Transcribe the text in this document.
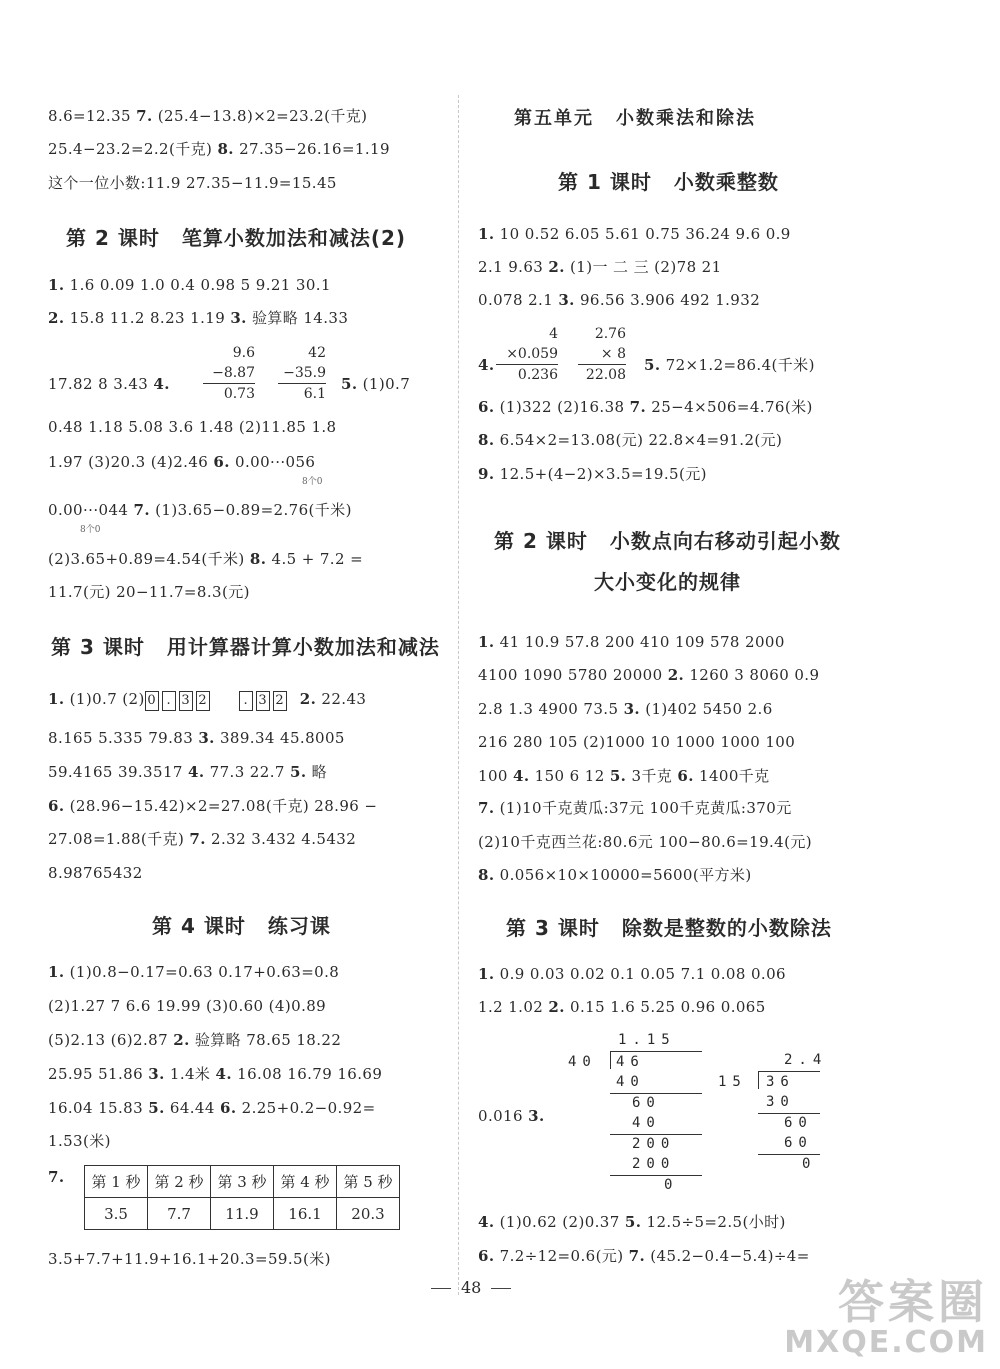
8.6=12.35 7. (25.4−13.8)×2=23.2(千克)
25.4−23.2=2.2(千克) 8. 27.35−26.16=1.19
这个一位小数:11.9 27.35−11.9=15.45
第 2 课时 笔算小数加法和减法(2)
1. 1.6 0.09 1.0 0.4 0.98 5 9.21 30.1
2. 15.8 11.2 8.23 1.19 3. 验算略 14.33
17.82 8 3.43 4.
9.6
−8.87
0.73
42
−35.9
6.1
5. (1)0.7
0.48 1.18 5.08 3.6 1.48 (2)11.85 1.8
1.97 (3)20.3 (4)2.46 6. 0.00···056
8个0
0.00···044 7. (1)3.65−0.89=2.76(千米)
8个0
(2)3.65+0.89=4.54(千米) 8. 4.5 + 7.2 =
11.7(元) 20−11.7=8.3(元)
第 3 课时 用计算器计算小数加法和减法
1. (1)0.7 (2) 0 . 3 2	. 3 2 2. 22.43
8.165 5.335 79.83 3. 389.34 45.8005
59.4165 39.3517 4. 77.3 22.7 5. 略
6. (28.96−15.42)×2=27.08(千克) 28.96 −
27.08=1.88(千克) 7. 2.32 3.432 4.5432
8.98765432
第 4 课时 练习课
1. (1)0.8−0.17=0.63 0.17+0.63=0.8
(2)1.27 7 6.6 19.99 (3)0.60 (4)0.89
(5)2.13 (6)2.87 2. 验算略 78.65 18.22
25.95 51.86 3. 1.4米 4. 16.08 16.79 16.69
16.04 15.83 5. 64.44 6. 2.25+0.2−0.92=
1.53(米)
7. 第 1 秒	第 2 秒	第 3 秒	第 4 秒	第 5 秒
3.5	7.7	11.9	16.1	20.3
3.5+7.7+11.9+16.1+20.3=59.5(米)
第五单元 小数乘法和除法
第 1 课时 小数乘整数
1. 10 0.52 6.05 5.61 0.75 36.24 9.6 0.9
2.1 9.63 2. (1)一 二 三 (2)78 21
0.078 2.1 3. 96.56 3.906 492 1.932
4.
4
×0.059
0.236
2.76
× 8
22.08
5. 72×1.2=86.4(千米)
6. (1)322 (2)16.38 7. 25−4×506=4.76(米)
8. 6.54×2=13.08(元) 22.8×4=91.2(元)
9. 12.5+(4−2)×3.5=19.5(元)
第 2 课时 小数点向右移动引起小数
大小变化的规律
1. 41 10.9 57.8 200 410 109 578 2000
4100 1090 5780 20000 2. 1260 3 8060 0.9
2.8 1.3 4900 73.5 3. (1)402 5450 2.6
216 280 105 (2)1000 10 1000 1000 100
100 4. 150 6 12 5. 3千克 6. 1400千克
7. (1)10千克黄瓜:37元 100千克黄瓜:370元
(2)10千克西兰花:80.6元 100−80.6=19.4(元)
8. 0.056×10×10000=5600(平方米)
第 3 课时 除数是整数的小数除法
1. 0.9 0.03 0.02 0.1 0.05 7.1 0.08 0.06
1.2 1.02 2. 0.15 1.6 5.25 0.96 0.065
0.016 3.
1.15
40 46
40
60
40
200
200
0
2.4
15 36
30
60
60
0
4. (1)0.62 (2)0.37 5. 12.5÷5=2.5(小时)
6. 7.2÷12=0.6(元) 7. (45.2−0.4−5.4)÷4=
48	答案圈
MXQE.COM
